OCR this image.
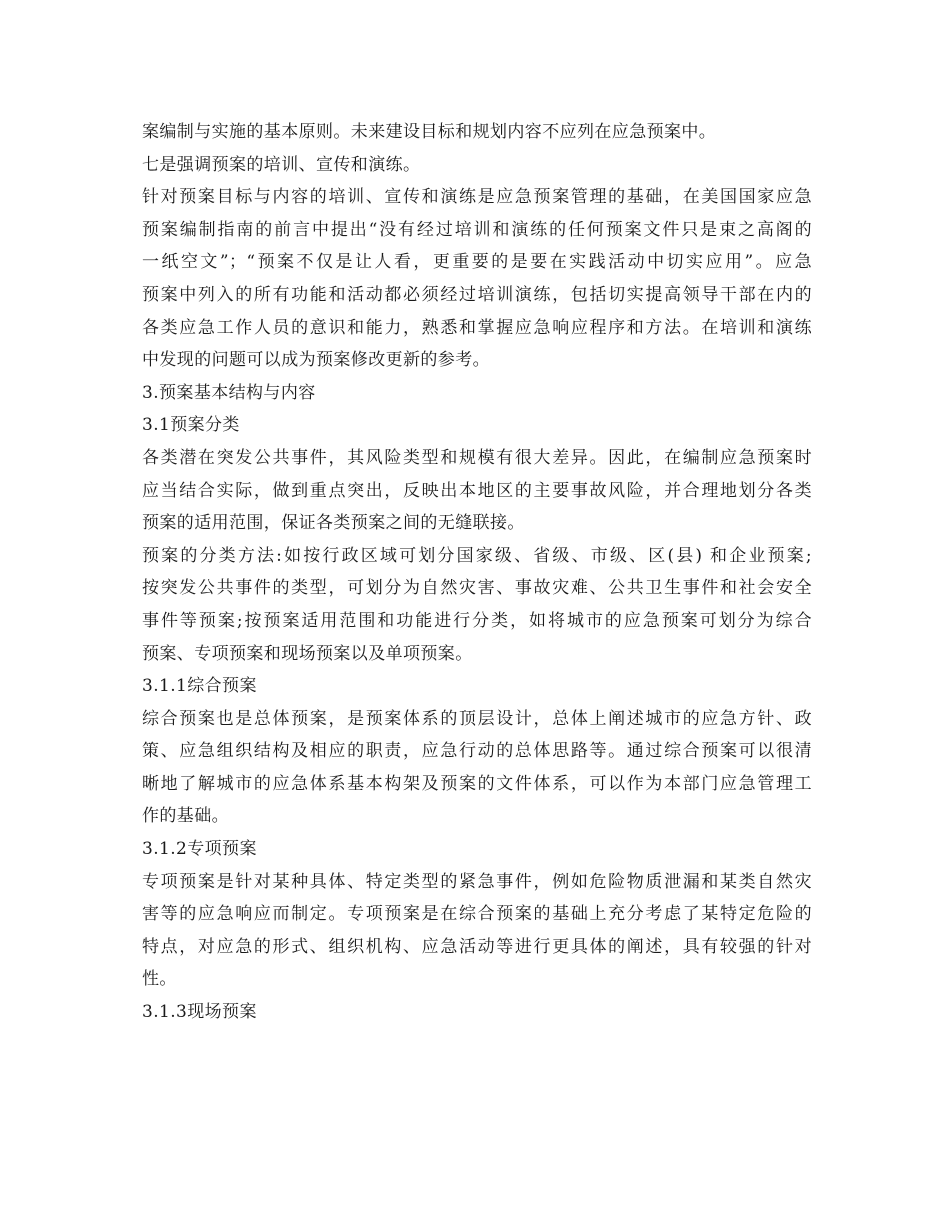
案编制与实施的基本原则。未来建设目标和规划内容不应列在应急预案中。
七是强调预案的培训、宣传和演练。
针对预案目标与内容的培训、宣传和演练是应急预案管理的基础，在美国国家应急
预案编制指南的前言中提出“没有经过培训和演练的任何预案文件只是束之高阁的
一纸空文”；“预案不仅是让人看，更重要的是要在实践活动中切实应用”。应急
预案中列入的所有功能和活动都必须经过培训演练，包括切实提高领导干部在内的
各类应急工作人员的意识和能力，熟悉和掌握应急响应程序和方法。在培训和演练
中发现的问题可以成为预案修改更新的参考。
3.预案基本结构与内容
3.1预案分类
各类潜在突发公共事件，其风险类型和规模有很大差异。因此，在编制应急预案时
应当结合实际，做到重点突出，反映出本地区的主要事故风险，并合理地划分各类
预案的适用范围，保证各类预案之间的无缝联接。
预案的分类方法:如按行政区域可划分国家级、省级、市级、区(县) 和企业预案;
按突发公共事件的类型，可划分为自然灾害、事故灾难、公共卫生事件和社会安全
事件等预案;按预案适用范围和功能进行分类，如将城市的应急预案可划分为综合
预案、专项预案和现场预案以及单项预案。
3.1.1综合预案
综合预案也是总体预案，是预案体系的顶层设计，总体上阐述城市的应急方针、政
策、应急组织结构及相应的职责，应急行动的总体思路等。通过综合预案可以很清
晰地了解城市的应急体系基本构架及预案的文件体系，可以作为本部门应急管理工
作的基础。
3.1.2专项预案
专项预案是针对某种具体、特定类型的紧急事件，例如危险物质泄漏和某类自然灾
害等的应急响应而制定。专项预案是在综合预案的基础上充分考虑了某特定危险的
特点，对应急的形式、组织机构、应急活动等进行更具体的阐述，具有较强的针对
性。
3.1.3现场预案
